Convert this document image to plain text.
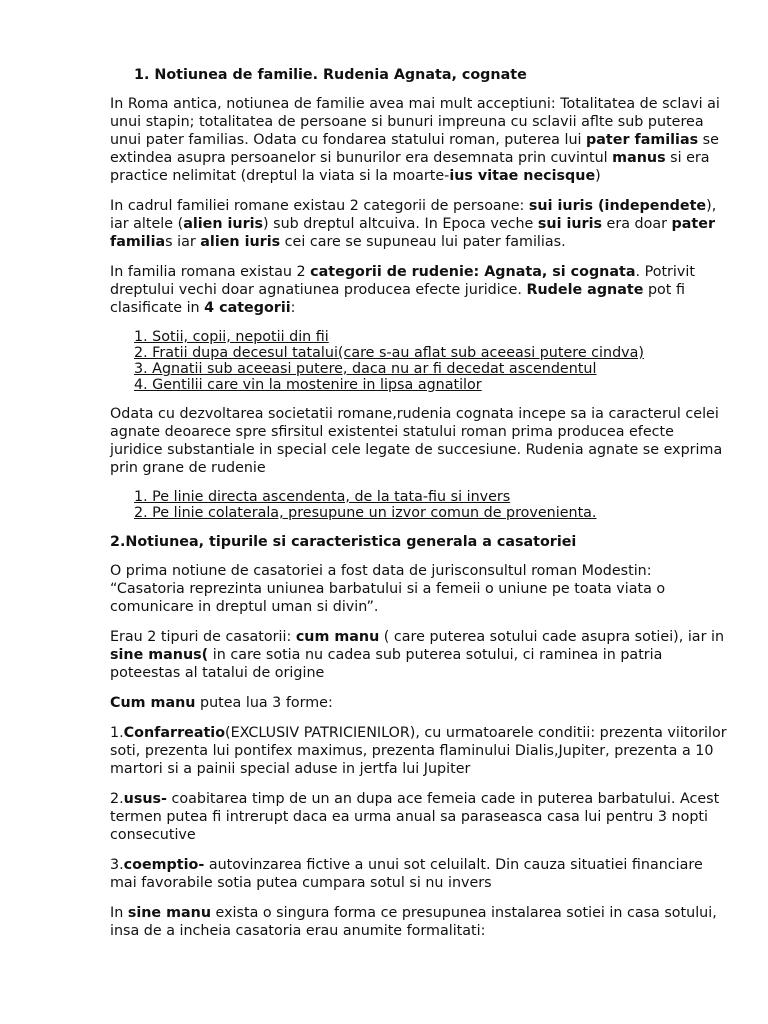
1. Notiunea de familie. Rudenia Agnata, cognate

In Roma antica, notiunea de familie avea mai mult acceptiuni: Totalitatea de sclavi ai unui stapin; totalitatea de persoane si bunuri impreuna cu sclavii aflte sub puterea unui pater familias. Odata cu fondarea statului roman, puterea lui pater familias se extindea asupra persoanelor si bunurilor era desemnata prin cuvintul manus si era practice nelimitat (dreptul la viata si la moarte-ius vitae necisque)

In cadrul familiei romane existau 2 categorii de persoane: sui iuris (independete), iar altele (alien iuris) sub dreptul altcuiva. In Epoca veche sui iuris era doar pater familias iar alien iuris cei care se supuneau lui pater familias.

In familia romana existau 2 categorii de rudenie: Agnata, si cognata. Potrivit dreptului vechi doar agnatiunea producea efecte juridice. Rudele agnate pot fi clasificate in 4 categorii:

1. Sotii, copii, nepotii din fii
2. Fratii dupa decesul tatalui(care s-au aflat sub aceeasi putere cindva)
3. Agnatii sub aceeasi putere, daca nu ar fi decedat ascendentul
4. Gentilii care vin la mostenire in lipsa agnatilor

Odata cu dezvoltarea societatii romane,rudenia cognata incepe sa ia caracterul celei agnate deoarece spre sfirsitul existentei statului roman prima producea efecte juridice substantiale in special cele legate de succesiune. Rudenia agnate se exprima prin grane de rudenie

1. Pe linie directa ascendenta, de la tata-fiu si invers
2. Pe linie colaterala, presupune un izvor comun de provenienta.
2.Notiunea, tipurile si caracteristica generala a casatoriei

O prima notiune de casatoriei a fost data de jurisconsultul roman Modestin: “Casatoria reprezinta uniunea barbatului si a femeii o uniune pe toata viata o comunicare in dreptul uman si divin”.

Erau 2 tipuri de casatorii: cum manu ( care puterea sotului cade asupra sotiei), iar in sine manus( in care sotia nu cadea sub puterea sotului, ci raminea in patria poteestas al tatalui de origine

Cum manu putea lua 3 forme:

1.Confarreatio(EXCLUSIV PATRICIENILOR), cu urmatoarele conditii: prezenta viitorilor soti, prezenta lui pontifex maximus, prezenta flaminului Dialis,Jupiter, prezenta a 10 martori si a painii special aduse in jertfa lui Jupiter

2.usus- coabitarea timp de un an dupa ace femeia cade in puterea barbatului. Acest termen putea fi intrerupt daca ea urma anual sa paraseasca casa lui pentru 3 nopti consecutive

3.coemptio- autovinzarea fictive a unui sot celuilalt. Din cauza situatiei financiare mai favorabile sotia putea cumpara sotul si nu invers

In sine manu exista o singura forma ce presupunea instalarea sotiei in casa sotului, insa de a incheia casatoria erau anumite formalitati:
